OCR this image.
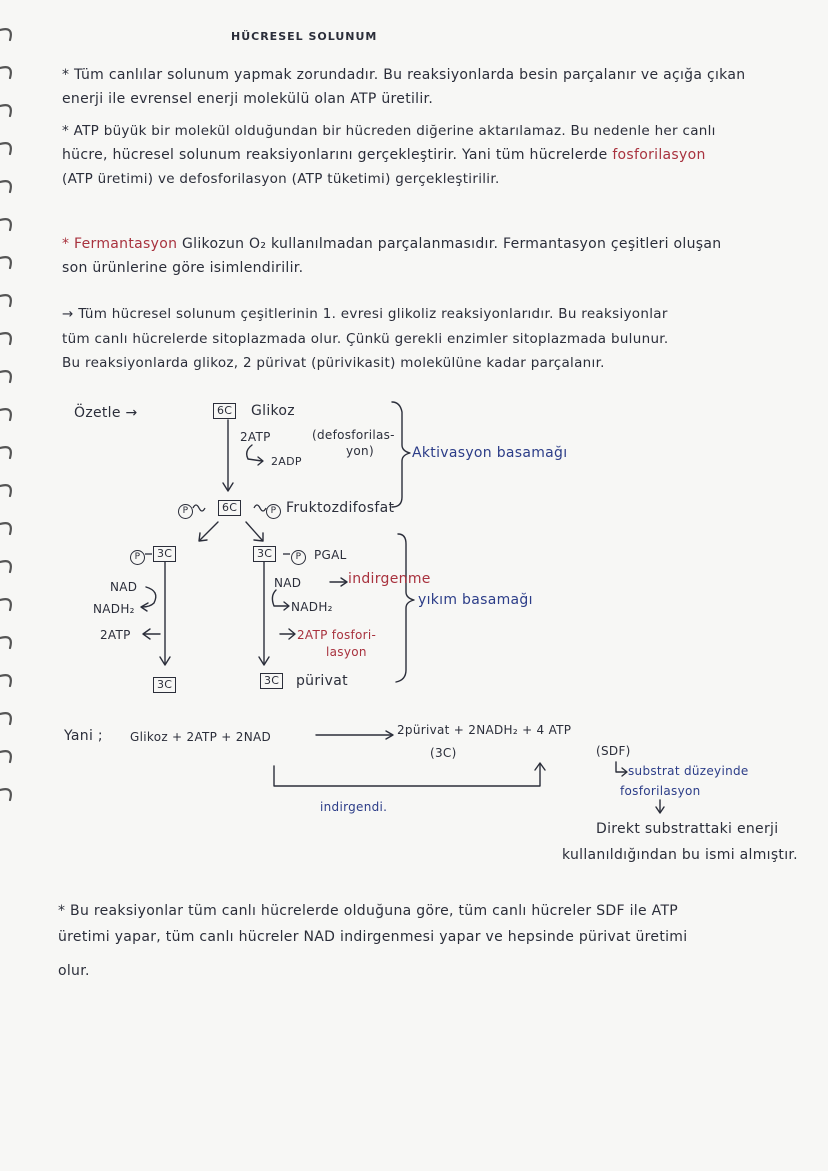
HÜCRESEL SOLUNUM
* Tüm canlılar solunum yapmak zorundadır. Bu reaksiyonlarda besin parçalanır ve açığa çıkan
enerji ile evrensel enerji molekülü olan ATP üretilir.
* ATP büyük bir molekül olduğundan bir hücreden diğerine aktarılamaz. Bu nedenle her canlı
hücre, hücresel solunum reaksiyonlarını gerçekleştirir. Yani tüm hücrelerde fosforilasyon
(ATP üretimi) ve defosforilasyon (ATP tüketimi) gerçekleştirilir.
* Fermantasyon Glikozun O₂ kullanılmadan parçalanmasıdır. Fermantasyon çeşitleri oluşan
son ürünlerine göre isimlendirilir.
→ Tüm hücresel solunum çeşitlerinin 1. evresi glikoliz reaksiyonlarıdır. Bu reaksiyonlar
tüm canlı hücrelerde sitoplazmada olur. Çünkü gerekli enzimler sitoplazmada bulunur.
Bu reaksiyonlarda glikoz, 2 pürivat (pürivikasit) molekülüne kadar parçalanır.
Özetle →	6C Glikoz
2ATP
2ADP
(defosforilas-
yon)	Aktivasyon basamağı
P	6C	P Fruktozdifosfat
P	3C	3C	P	PGAL
NAD
NADH₂
2ATP
NAD	indirgenme
NADH₂
2ATP fosfori-
lasyon
yıkım basamağı
3C	3C pürivat
Yani ; Glikoz + 2ATP + 2NAD	2pürivat + 2NADH₂ + 4 ATP
(3C)	(SDF)
indirgendi.
substrat düzeyinde
fosforilasyon
Direkt substrattaki enerji
kullanıldığından bu ismi almıştır.
* Bu reaksiyonlar tüm canlı hücrelerde olduğuna göre, tüm canlı hücreler SDF ile ATP
üretimi yapar, tüm canlı hücreler NAD indirgenmesi yapar ve hepsinde pürivat üretimi
olur.
